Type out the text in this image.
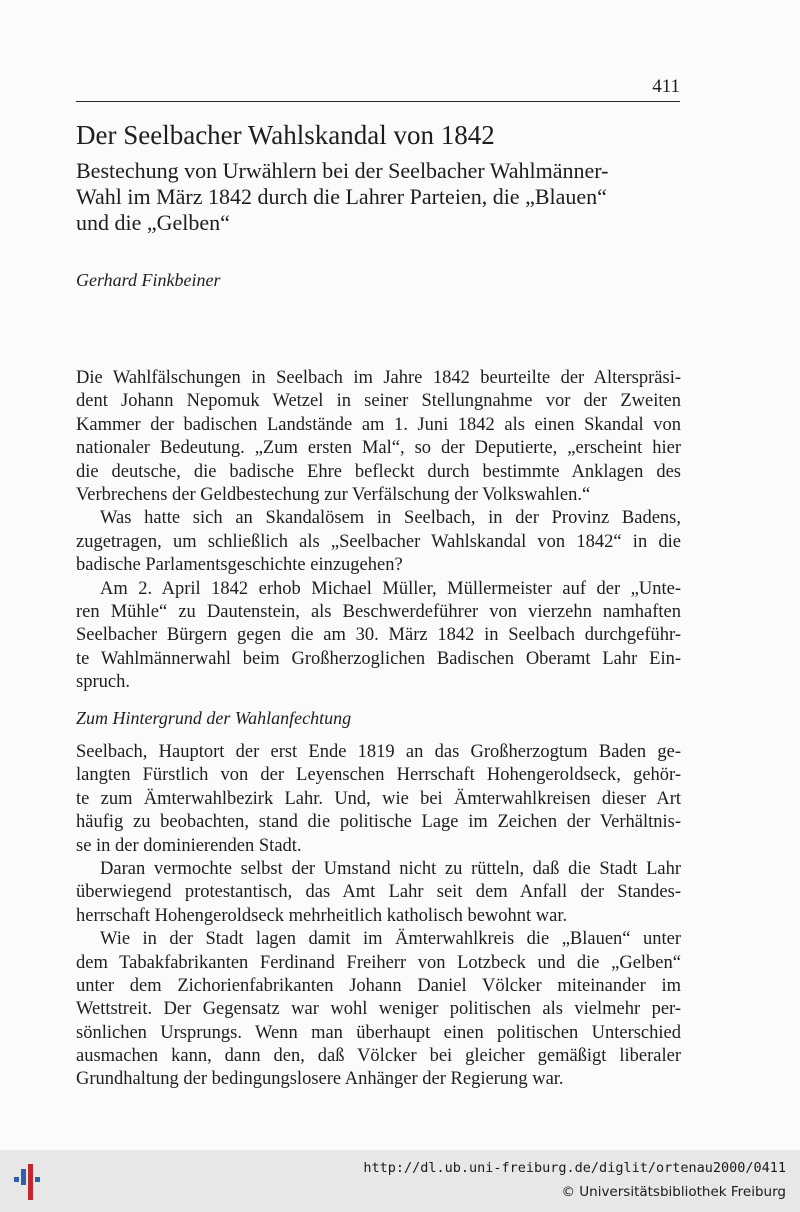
411
Der Seelbacher Wahlskandal von 1842
Bestechung von Urwählern bei der Seelbacher Wahlmänner-
Wahl im März 1842 durch die Lahrer Parteien, die „Blauen“
und die „Gelben“

Gerhard Finkbeiner

Die Wahlfälschungen in Seelbach im Jahre 1842 beurteilte der Alterspräsi-
dent Johann Nepomuk Wetzel in seiner Stellungnahme vor der Zweiten
Kammer der badischen Landstände am 1. Juni 1842 als einen Skandal von
nationaler Bedeutung. „Zum ersten Mal“, so der Deputierte, „erscheint hier
die deutsche, die badische Ehre befleckt durch bestimmte Anklagen des
Verbrechens der Geldbestechung zur Verfälschung der Volkswahlen.“
Was hatte sich an Skandalösem in Seelbach, in der Provinz Badens,
zugetragen, um schließlich als „Seelbacher Wahlskandal von 1842“ in die
badische Parlamentsgeschichte einzugehen?
Am 2. April 1842 erhob Michael Müller, Müllermeister auf der „Unte-
ren Mühle“ zu Dautenstein, als Beschwerdeführer von vierzehn namhaften
Seelbacher Bürgern gegen die am 30. März 1842 in Seelbach durchgeführ-
te Wahlmännerwahl beim Großherzoglichen Badischen Oberamt Lahr Ein-
spruch.
Zum Hintergrund der Wahlanfechtung
Seelbach, Hauptort der erst Ende 1819 an das Großherzogtum Baden ge-
langten Fürstlich von der Leyenschen Herrschaft Hohengeroldseck, gehör-
te zum Ämterwahlbezirk Lahr. Und, wie bei Ämterwahlkreisen dieser Art
häufig zu beobachten, stand die politische Lage im Zeichen der Verhältnis-
se in der dominierenden Stadt.
Daran vermochte selbst der Umstand nicht zu rütteln, daß die Stadt Lahr
überwiegend protestantisch, das Amt Lahr seit dem Anfall der Standes-
herrschaft Hohengeroldseck mehrheitlich katholisch bewohnt war.
Wie in der Stadt lagen damit im Ämterwahlkreis die „Blauen“ unter
dem Tabakfabrikanten Ferdinand Freiherr von Lotzbeck und die „Gelben“
unter dem Zichorienfabrikanten Johann Daniel Völcker miteinander im
Wettstreit. Der Gegensatz war wohl weniger politischen als vielmehr per-
sönlichen Ursprungs. Wenn man überhaupt einen politischen Unterschied
ausmachen kann, dann den, daß Völcker bei gleicher gemäßigt liberaler
Grundhaltung der bedingungslosere Anhänger der Regierung war.
http://dl.ub.uni-freiburg.de/diglit/ortenau2000/0411
© Universitätsbibliothek Freiburg
